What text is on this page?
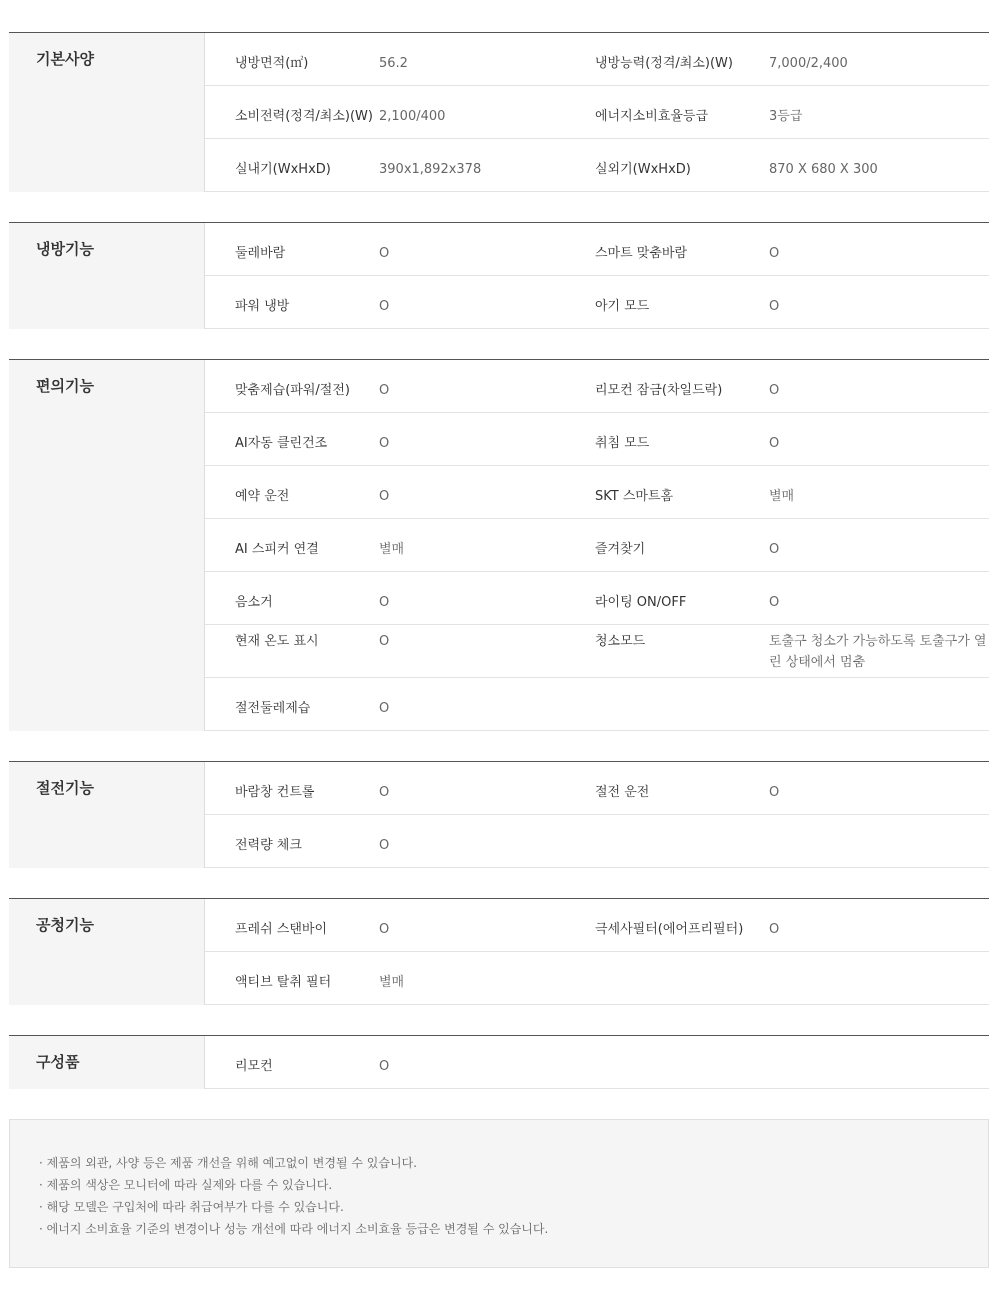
기본사양	냉방면적(㎡)	56.2	냉방능력(정격/최소)(W)	7,000/2,400
소비전력(정격/최소)(W) 2,100/400	에너지소비효율등급	3등급
실내기(WxHxD)	390x1,892x378	실외기(WxHxD)	870 X 680 X 300
냉방기능	둘레바람	O	스마트 맞춤바람	O
파워 냉방	O	아기 모드	O
편의기능	맞춤제습(파워/절전)	O	리모컨 잠금(차일드락)	O
AI자동 클린건조	O	취침 모드	O
예약 운전	O	SKT 스마트홈	별매
AI 스피커 연결	별매	즐겨찾기	O
음소거	O	라이팅 ON/OFF	O
현재 온도 표시	O	청소모드	토출구 청소가 가능하도록 토출구가 열린 상태에서 멈춤
절전둘레제습	O
절전기능	바람창 컨트롤	O	절전 운전	O
전력량 체크	O
공청기능	프레쉬 스탠바이	O	극세사필터(에어프리필터)	O
액티브 탈취 필터	별매
구성품	리모컨	O
· 제품의 외관, 사양 등은 제품 개선을 위해 예고없이 변경될 수 있습니다.
· 제품의 색상은 모니터에 따라 실제와 다를 수 있습니다.
· 해당 모델은 구입처에 따라 취급여부가 다를 수 있습니다.
· 에너지 소비효율 기준의 변경이나 성능 개선에 따라 에너지 소비효율 등급은 변경될 수 있습니다.
